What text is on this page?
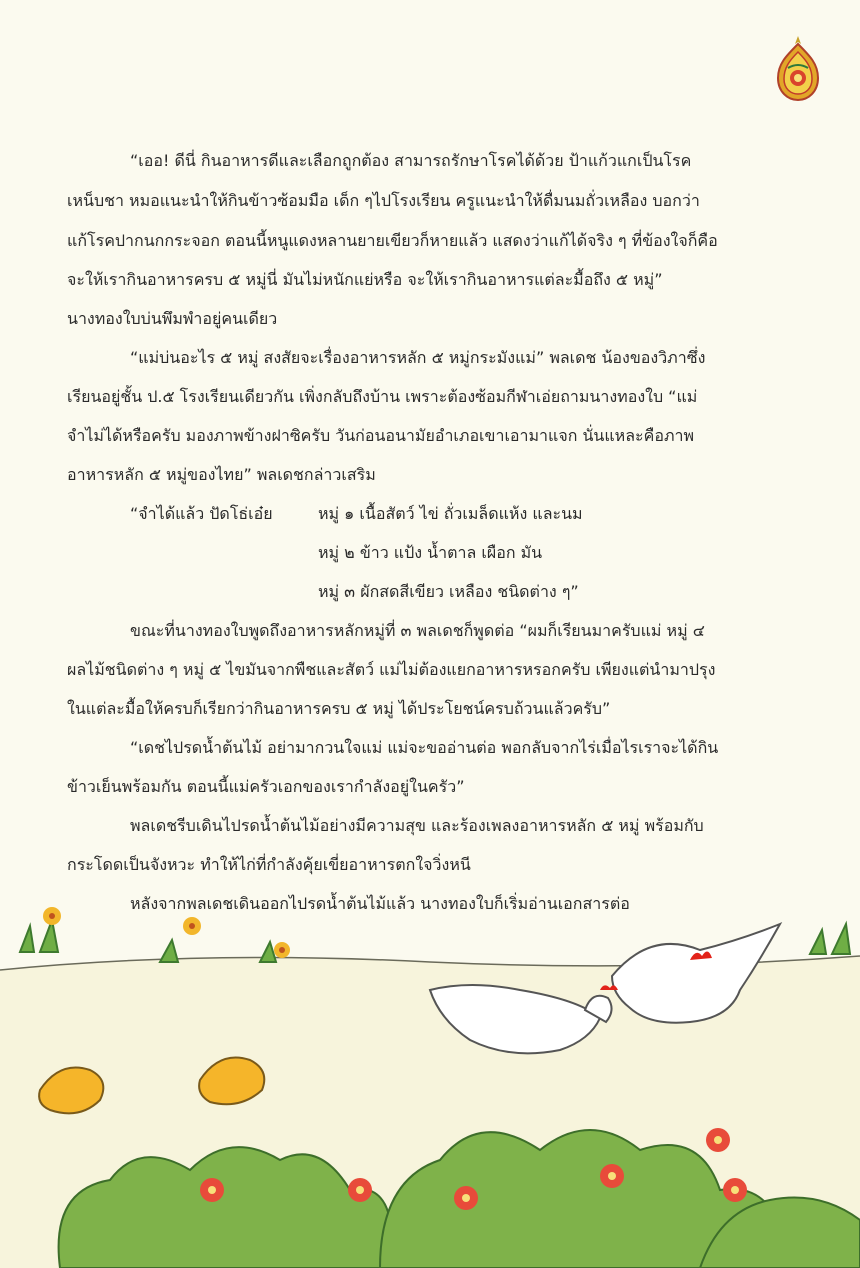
“เออ! ดีนี่ กินอาหารดีและเลือกถูกต้อง สามารถรักษาโรคได้ด้วย ป้าแก้วแกเป็นโรค
เหน็บชา หมอแนะนำให้กินข้าวซ้อมมือ เด็ก ๆไปโรงเรียน ครูแนะนำให้ดื่มนมถั่วเหลือง บอกว่า
แก้โรคปากนกกระจอก ตอนนี้หนูแดงหลานยายเขียวก็หายแล้ว แสดงว่าแก้ได้จริง ๆ ที่ข้องใจก็คือ
จะให้เรากินอาหารครบ ๕ หมู่นี่ มันไม่หนักแย่หรือ จะให้เรากินอาหารแต่ละมื้อถึง ๕ หมู่”
นางทองใบบ่นพึมพำอยู่คนเดียว
“แม่บ่นอะไร ๕ หมู่ สงสัยจะเรื่องอาหารหลัก ๕ หมู่กระมังแม่” พลเดช น้องของวิภาซึ่ง
เรียนอยู่ชั้น ป.๕ โรงเรียนเดียวกัน เพิ่งกลับถึงบ้าน เพราะต้องซ้อมกีฬาเอ่ยถามนางทองใบ “แม่
จำไม่ได้หรือครับ มองภาพข้างฝาซิครับ วันก่อนอนามัยอำเภอเขาเอามาแจก นั่นแหละคือภาพ
อาหารหลัก ๕ หมู่ของไทย” พลเดชกล่าวเสริม
“จำได้แล้ว ปัดโธ่เอ๋ย	หมู่ ๑ เนื้อสัตว์ ไข่ ถั่วเมล็ดแห้ง และนม
หมู่ ๒ ข้าว แป้ง น้ำตาล เผือก มัน
หมู่ ๓ ผักสดสีเขียว เหลือง ชนิดต่าง ๆ”
ขณะที่นางทองใบพูดถึงอาหารหลักหมู่ที่ ๓ พลเดชก็พูดต่อ “ผมก็เรียนมาครับแม่ หมู่ ๔
ผลไม้ชนิดต่าง ๆ หมู่ ๕ ไขมันจากพืชและสัตว์ แม่ไม่ต้องแยกอาหารหรอกครับ เพียงแต่นำมาปรุง
ในแต่ละมื้อให้ครบก็เรียกว่ากินอาหารครบ ๕ หมู่ ได้ประโยชน์ครบถ้วนแล้วครับ”
“เดชไปรดน้ำต้นไม้ อย่ามากวนใจแม่ แม่จะขออ่านต่อ พอกลับจากไร่เมื่อไรเราจะได้กิน
ข้าวเย็นพร้อมกัน ตอนนี้แม่ครัวเอกของเรากำลังอยู่ในครัว”
พลเดชรีบเดินไปรดน้ำต้นไม้อย่างมีความสุข และร้องเพลงอาหารหลัก ๕ หมู่ พร้อมกับ
กระโดดเป็นจังหวะ ทำให้ไก่ที่กำลังคุ้ยเขี่ยอาหารตกใจวิ่งหนี
หลังจากพลเดชเดินออกไปรดน้ำต้นไม้แล้ว นางทองใบก็เริ่มอ่านเอกสารต่อ
